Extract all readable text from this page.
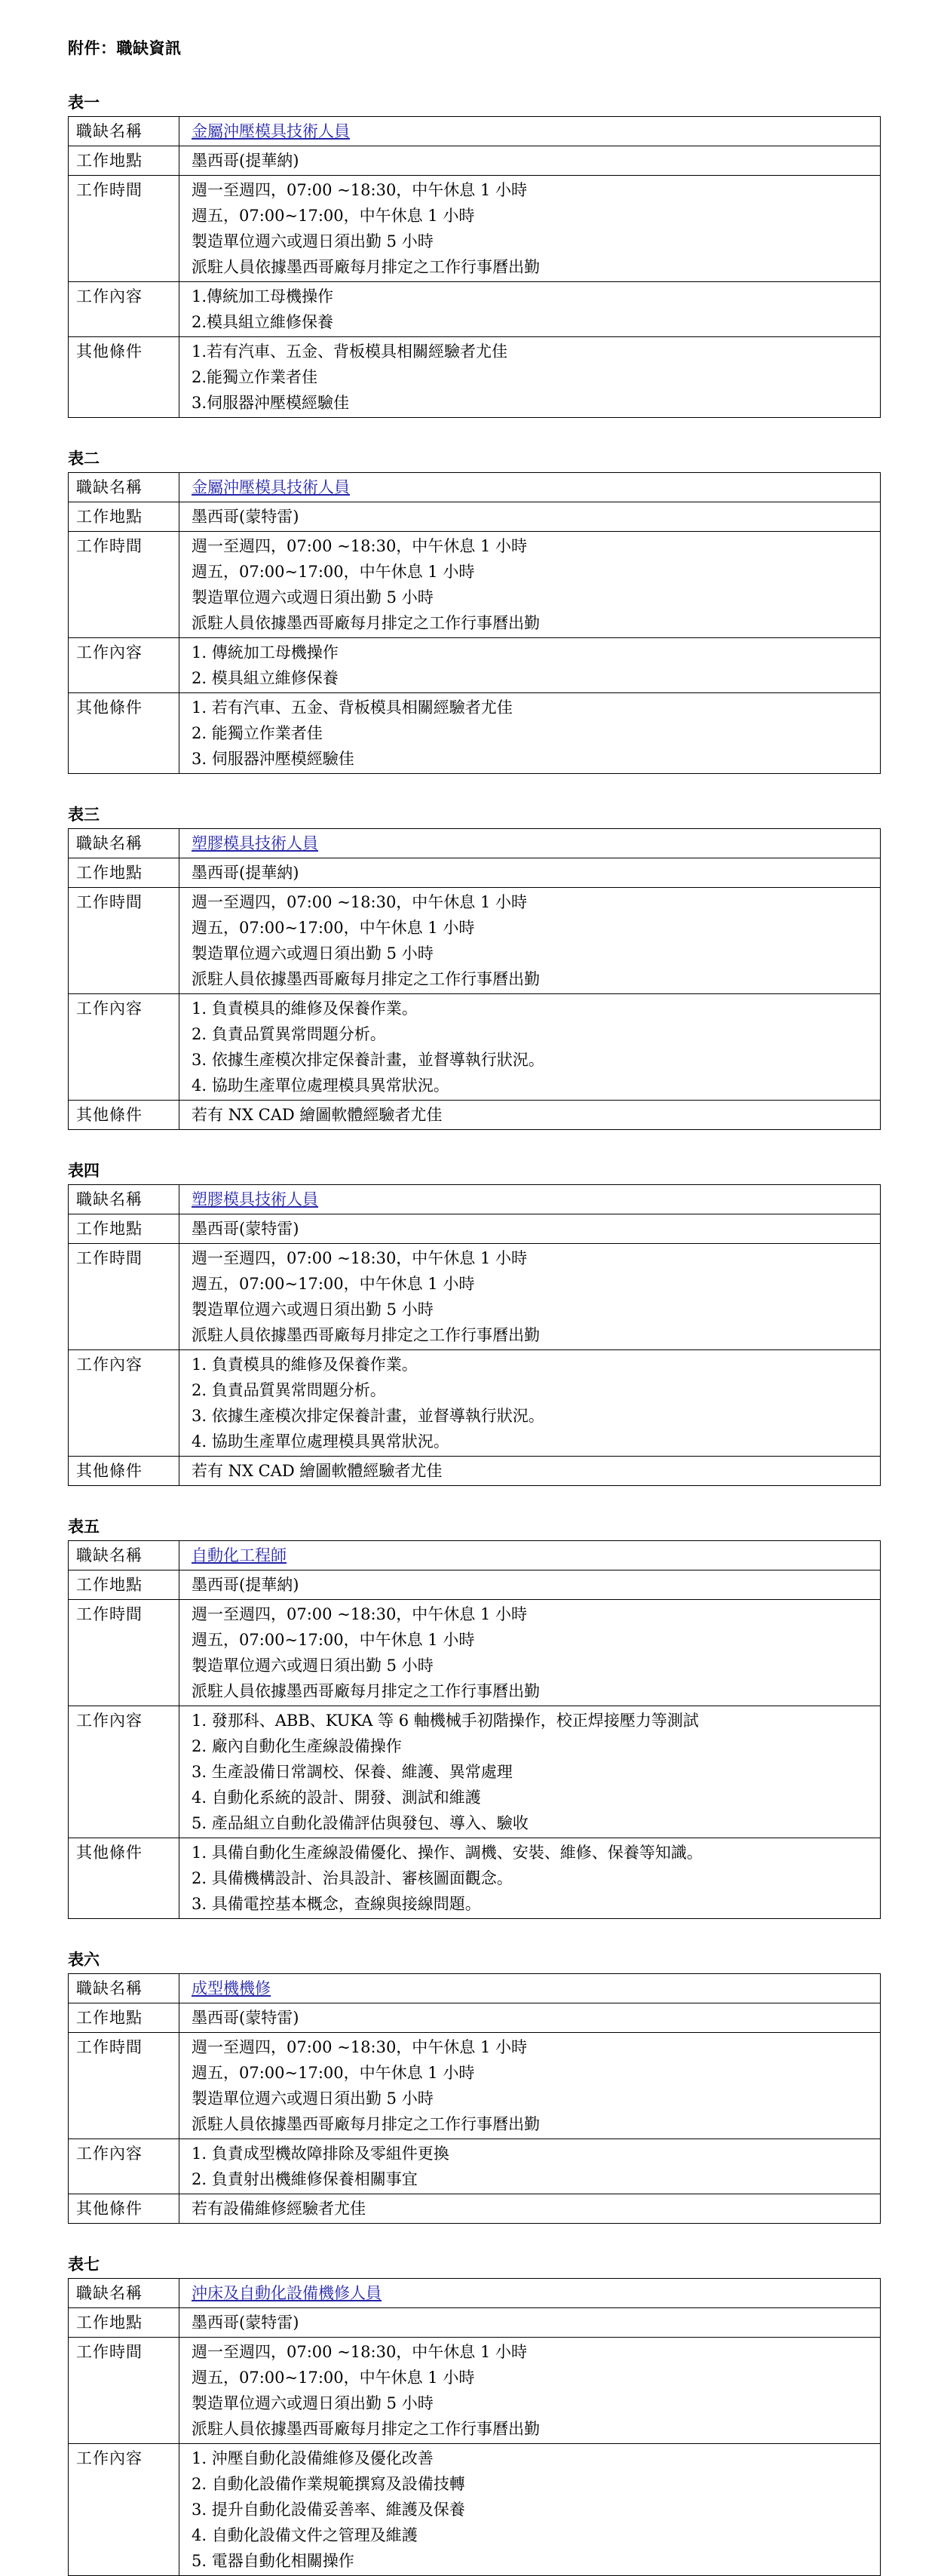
附件：職缺資訊
表一
職缺名稱	金屬沖壓模具技術人員

工作地點	墨西哥(提華納)

工作時間	週一至週四，07:00 ~18:30，中午休息 1 小時
週五，07:00~17:00，中午休息 1 小時
製造單位週六或週日須出勤 5 小時
派駐人員依據墨西哥廠每月排定之工作行事曆出勤

工作內容	1.傳統加工母機操作
2.模具組立維修保養

其他條件	1.若有汽車、五金、背板模具相關經驗者尤佳
2.能獨立作業者佳
3.伺服器沖壓模經驗佳
表二
職缺名稱	金屬沖壓模具技術人員

工作地點	墨西哥(蒙特雷)

工作時間	週一至週四，07:00 ~18:30，中午休息 1 小時
週五，07:00~17:00，中午休息 1 小時
製造單位週六或週日須出勤 5 小時
派駐人員依據墨西哥廠每月排定之工作行事曆出勤

工作內容	1. 傳統加工母機操作
2. 模具組立維修保養

其他條件	1. 若有汽車、五金、背板模具相關經驗者尤佳
2. 能獨立作業者佳
3. 伺服器沖壓模經驗佳
表三
職缺名稱	塑膠模具技術人員

工作地點	墨西哥(提華納)

工作時間	週一至週四，07:00 ~18:30，中午休息 1 小時
週五，07:00~17:00，中午休息 1 小時
製造單位週六或週日須出勤 5 小時
派駐人員依據墨西哥廠每月排定之工作行事曆出勤

工作內容	1. 負責模具的維修及保養作業。
2. 負責品質異常問題分析。
3. 依據生產模次排定保養計畫，並督導執行狀況。
4. 協助生產單位處理模具異常狀況。

其他條件	若有 NX CAD 繪圖軟體經驗者尤佳
表四
職缺名稱	塑膠模具技術人員

工作地點	墨西哥(蒙特雷)

工作時間	週一至週四，07:00 ~18:30，中午休息 1 小時
週五，07:00~17:00，中午休息 1 小時
製造單位週六或週日須出勤 5 小時
派駐人員依據墨西哥廠每月排定之工作行事曆出勤

工作內容	1. 負責模具的維修及保養作業。
2. 負責品質異常問題分析。
3. 依據生產模次排定保養計畫，並督導執行狀況。
4. 協助生產單位處理模具異常狀況。

其他條件	若有 NX CAD 繪圖軟體經驗者尤佳
表五
職缺名稱	自動化工程師

工作地點	墨西哥(提華納)

工作時間	週一至週四，07:00 ~18:30，中午休息 1 小時
週五，07:00~17:00，中午休息 1 小時
製造單位週六或週日須出勤 5 小時
派駐人員依據墨西哥廠每月排定之工作行事曆出勤

工作內容	1. 發那科、ABB、KUKA 等 6 軸機械手初階操作，校正焊接壓力等測試
2. 廠內自動化生產線設備操作
3. 生產設備日常調校、保養、維護、異常處理
4. 自動化系統的設計、開發、測試和維護
5. 產品組立自動化設備評估與發包、導入、驗收

其他條件	1. 具備自動化生產線設備優化、操作、調機、安裝、維修、保養等知識。
2. 具備機構設計、治具設計、審核圖面觀念。
3. 具備電控基本概念，查線與接線問題。
表六
職缺名稱	成型機機修

工作地點	墨西哥(蒙特雷)

工作時間	週一至週四，07:00 ~18:30，中午休息 1 小時
週五，07:00~17:00，中午休息 1 小時
製造單位週六或週日須出勤 5 小時
派駐人員依據墨西哥廠每月排定之工作行事曆出勤

工作內容	1. 負責成型機故障排除及零組件更換
2. 負責射出機維修保養相關事宜

其他條件	若有設備維修經驗者尤佳
表七
職缺名稱	沖床及自動化設備機修人員

工作地點	墨西哥(蒙特雷)

工作時間	週一至週四，07:00 ~18:30，中午休息 1 小時
週五，07:00~17:00，中午休息 1 小時
製造單位週六或週日須出勤 5 小時
派駐人員依據墨西哥廠每月排定之工作行事曆出勤

工作內容	1. 沖壓自動化設備維修及優化改善
2. 自動化設備作業規範撰寫及設備技轉
3. 提升自動化設備妥善率、維護及保養
4. 自動化設備文件之管理及維護
5. 電器自動化相關操作
